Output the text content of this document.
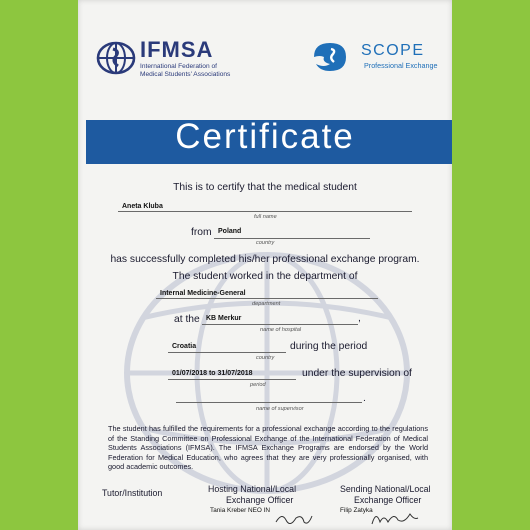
IFMSA
International Federation of
Medical Students' Associations
SCOPE
Professional Exchange
Certificate
This is to certify that the medical student
Aneta Kluba
full name
from Poland
country
has successfully completed his/her professional exchange program.
The student worked in the department of
Internal Medicine-General
department
at the KB Merkur	,
name of hospital
Croatia	during the period
country
01/07/2018 to 31/07/2018	under the supervision of
period
.
name of supervisor
The student has fulfilled the requirements for a professional exchange according to the regulations of the Standing Committee on Professional Exchange of the International Federation of Medical Students Associations (IFMSA). The IFMSA Exchange Programs are endorsed by the World Federation for Medical Education, who agrees that they are very professionally organised, with good academic outcomes.
Tutor/Institution	Hosting National/Local
Exchange Officer
Tania Kreber NEO IN
Sending National/Local
Exchange Officer
Filip Zatyka
